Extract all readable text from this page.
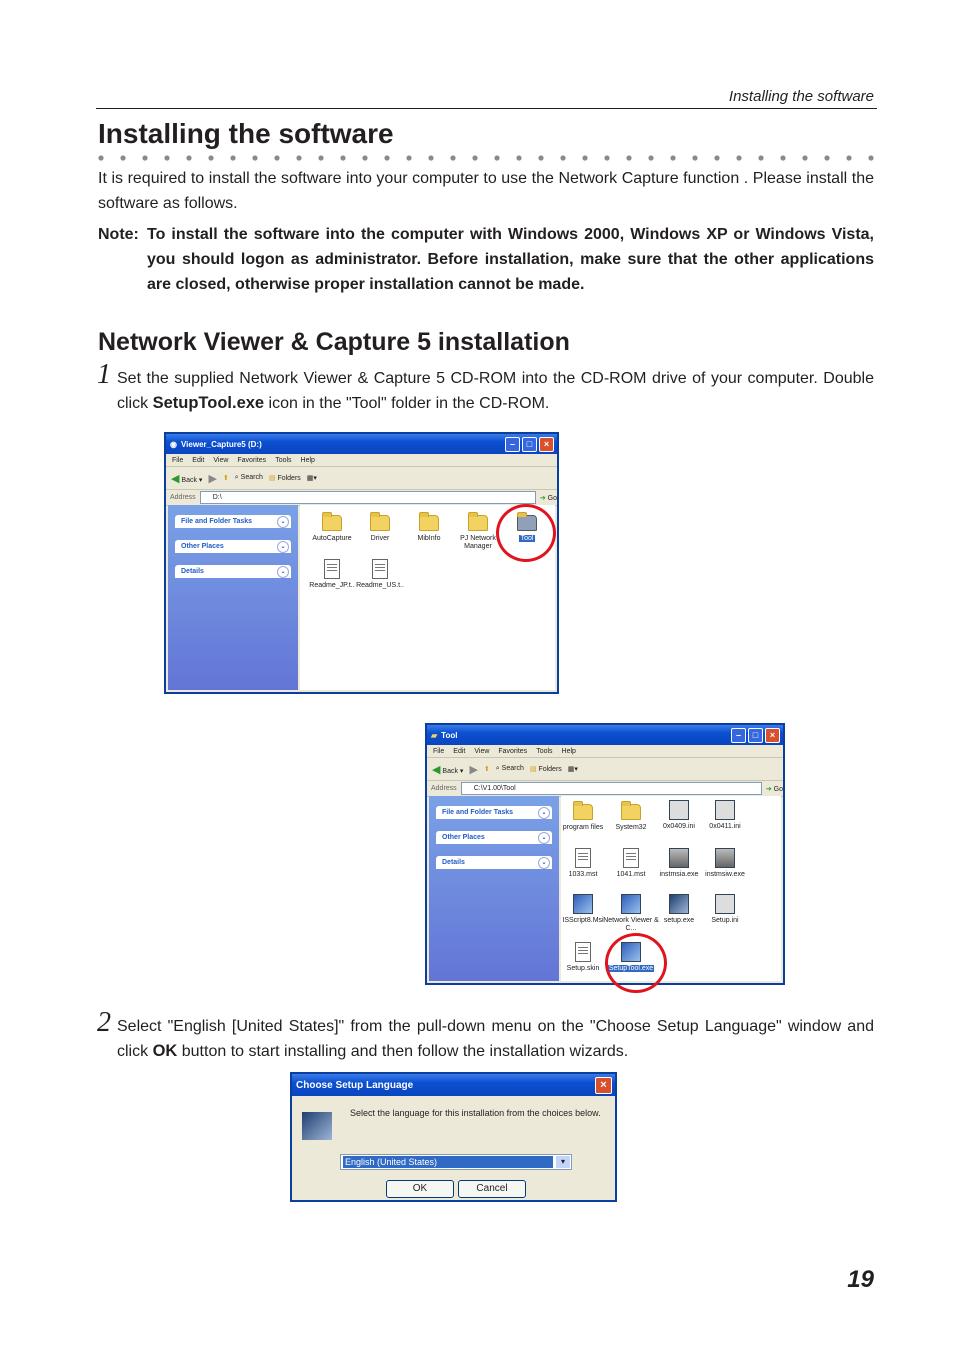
Installing the software
Installing the software
It is required to install the software into your computer to use the Network Capture function . Please install the software as follows.
Note: To install the software into the computer with Windows 2000, Windows XP or Windows Vista, you should logon as administrator. Before installation, make sure that the other applications are closed, otherwise proper installation cannot be made.
Network Viewer & Capture 5 installation
1 Set the supplied Network Viewer & Capture 5 CD-ROM into the CD-ROM drive of your computer. Double click SetupTool.exe icon in the "Tool" folder in the CD-ROM.
◉ Viewer_Capture5 (D:)	–	□	×
File Edit View Favorites Tools Help
◀ Back ▾ ▶ ⬆ ⌕ Search ▤ Folders ▦▾
Address	D:\	➔ Go
File and Folder Tasks	⌄
Other Places	⌄
Details	⌄
AutoCapture	Driver	MibInfo	PJ Network Manager
Tool
Readme_JP.t.. Readme_US.t..
▰ Tool	–	□	×
File Edit View Favorites Tools Help
◀ Back ▾ ▶ ⬆ ⌕ Search ▤ Folders ▦▾
Address	C:\V1.00\Tool	➔ Go
File and Folder Tasks	⌄
Other Places	⌄
Details	⌄
program files	System32	0x0409.ini	0x0411.ini
1033.mst	1041.mst	instmsia.exe instmsiw.exe
ISScript8.Msi Network Viewer & C...
setup.exe	Setup.ini
Setup.skin	SetupTool.exe
2 Select "English [United States]" from the pull-down menu on the "Choose Setup Language" window and click OK button to start installing and then follow the installation wizards.
Choose Setup Language	×
Select the language for this installation from the choices below.
English (United States)	▾
OK	Cancel
19
